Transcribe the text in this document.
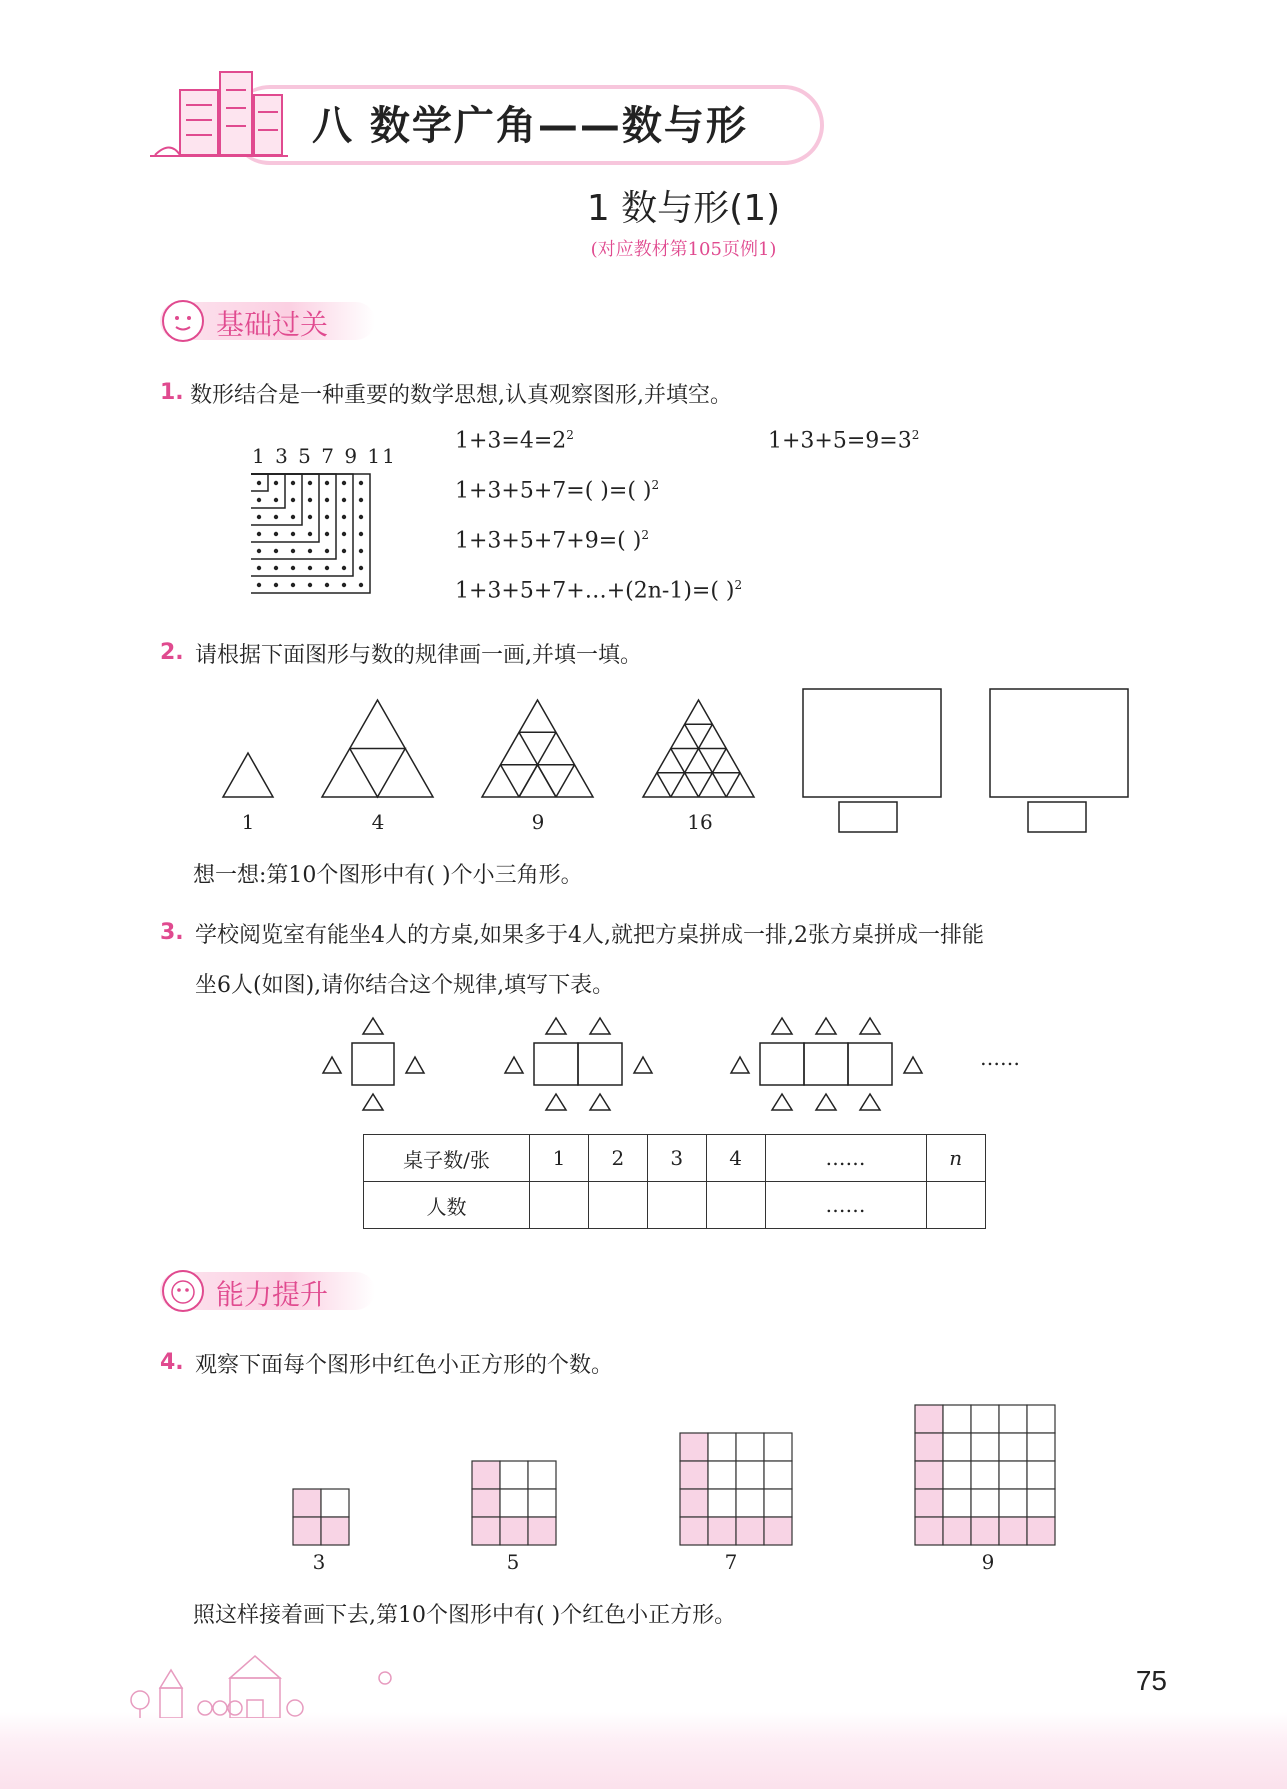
八 数学广角——数与形
1 数与形(1)
(对应教材第105页例1)
基础过关
1. 数形结合是一种重要的数学思想,认真观察图形,并填空。
1 3 5 7 9 11
$1+3=4=2^2$	$1+3+5=9=3^2$
1+3+5+7=( )=( )$^2$
1+3+5+7+9=( )$^2$
1+3+5+7+…+(2n-1)=( )$^2$
2. 请根据下面图形与数的规律画一画,并填一填。
1	4	9	16
想一想:第10个图形中有( )个小三角形。
3. 学校阅览室有能坐4人的方桌,如果多于4人,就把方桌拼成一排,2张方桌拼成一排能
坐6人(如图),请你结合这个规律,填写下表。
……
桌子数/张	1	2	3	4	……	n
人数					……	
能力提升
4. 观察下面每个图形中红色小正方形的个数。
3	5	7	9
照这样接着画下去,第10个图形中有( )个红色小正方形。
75
